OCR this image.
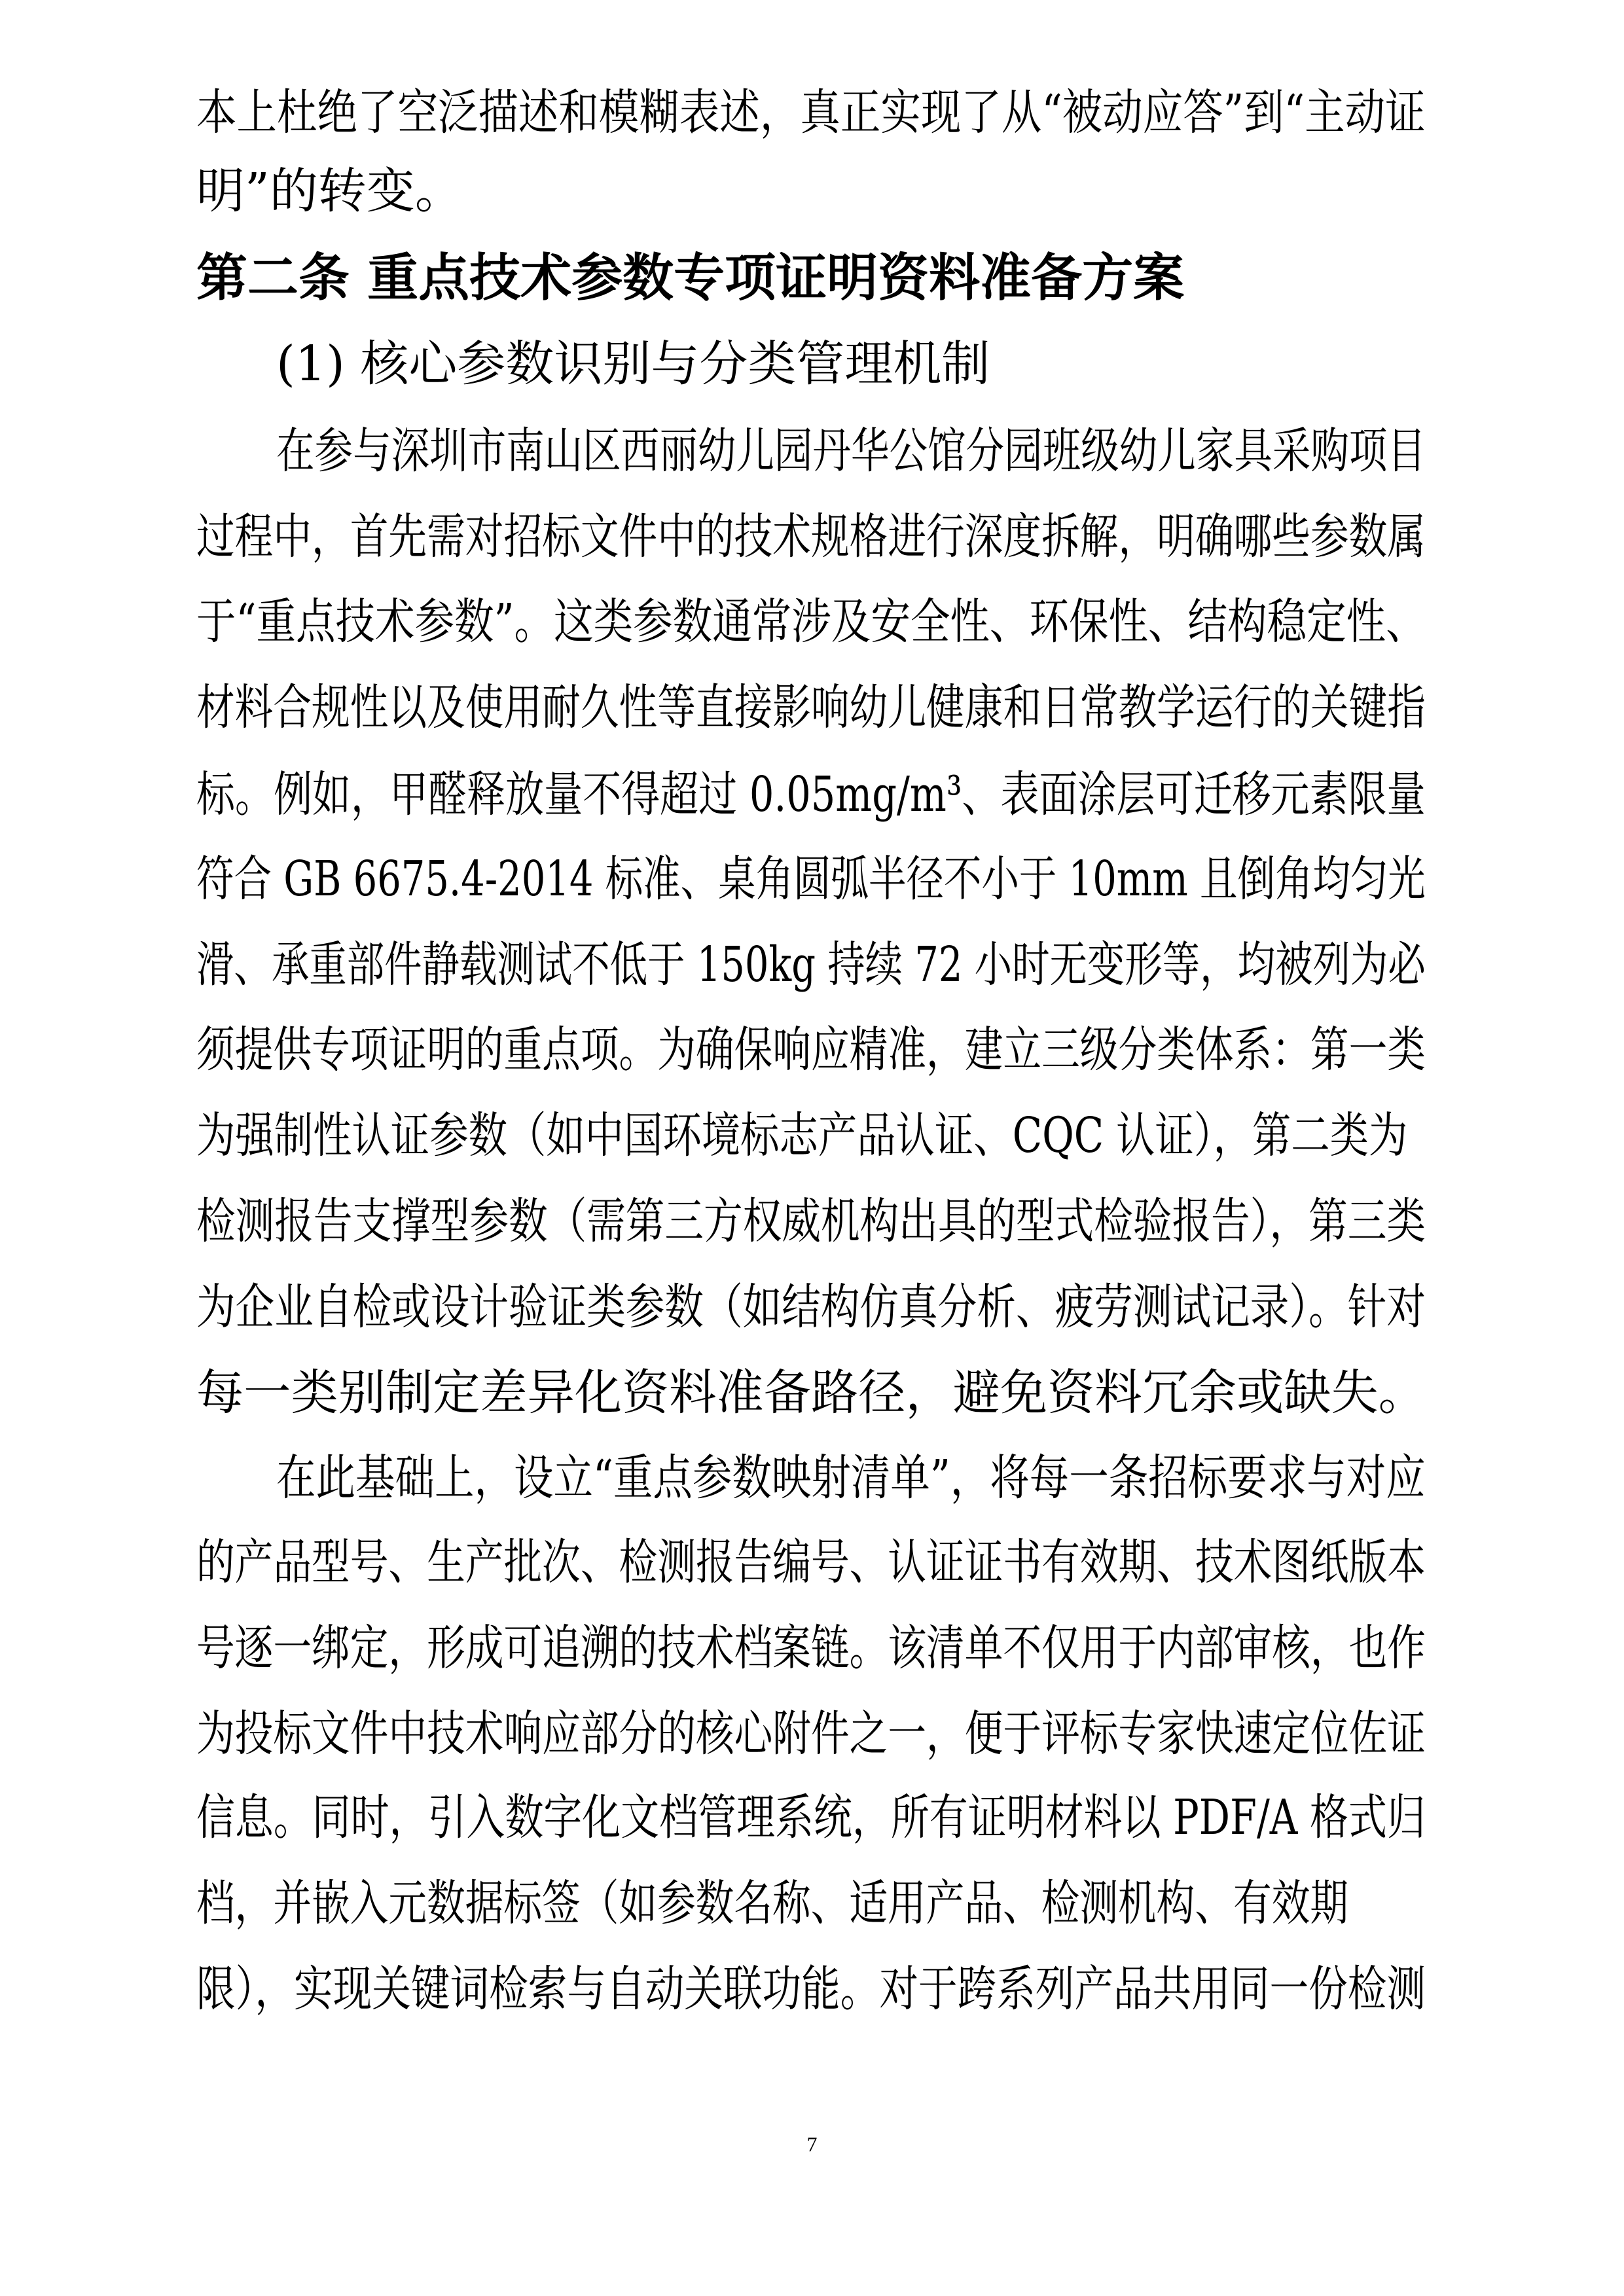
本上杜绝了空泛描述和模糊表述，真正实现了从“被动应答”到“主动证
明”的转变。
第二条 重点技术参数专项证明资料准备方案
(1) 核心参数识别与分类管理机制
在参与深圳市南山区西丽幼儿园丹华公馆分园班级幼儿家具采购项目
过程中，首先需对招标文件中的技术规格进行深度拆解，明确哪些参数属
于“重点技术参数”。这类参数通常涉及安全性、环保性、结构稳定性、
材料合规性以及使用耐久性等直接影响幼儿健康和日常教学运行的关键指
标。例如，甲醛释放量不得超过 0.05mg/m³、表面涂层可迁移元素限量
符合 GB 6675.4-2014 标准、桌角圆弧半径不小于 10mm 且倒角均匀光
滑、承重部件静载测试不低于 150kg 持续 72 小时无变形等，均被列为必
须提供专项证明的重点项。为确保响应精准，建立三级分类体系：第一类
为强制性认证参数（如中国环境标志产品认证、CQC 认证），第二类为
检测报告支撑型参数（需第三方权威机构出具的型式检验报告），第三类
为企业自检或设计验证类参数（如结构仿真分析、疲劳测试记录）。针对
每一类别制定差异化资料准备路径，避免资料冗余或缺失。
在此基础上，设立“重点参数映射清单”，将每一条招标要求与对应
的产品型号、生产批次、检测报告编号、认证证书有效期、技术图纸版本
号逐一绑定，形成可追溯的技术档案链。该清单不仅用于内部审核，也作
为投标文件中技术响应部分的核心附件之一，便于评标专家快速定位佐证
信息。同时，引入数字化文档管理系统，所有证明材料以 PDF/A 格式归
档，并嵌入元数据标签（如参数名称、适用产品、检测机构、有效期
限），实现关键词检索与自动关联功能。对于跨系列产品共用同一份检测
7
